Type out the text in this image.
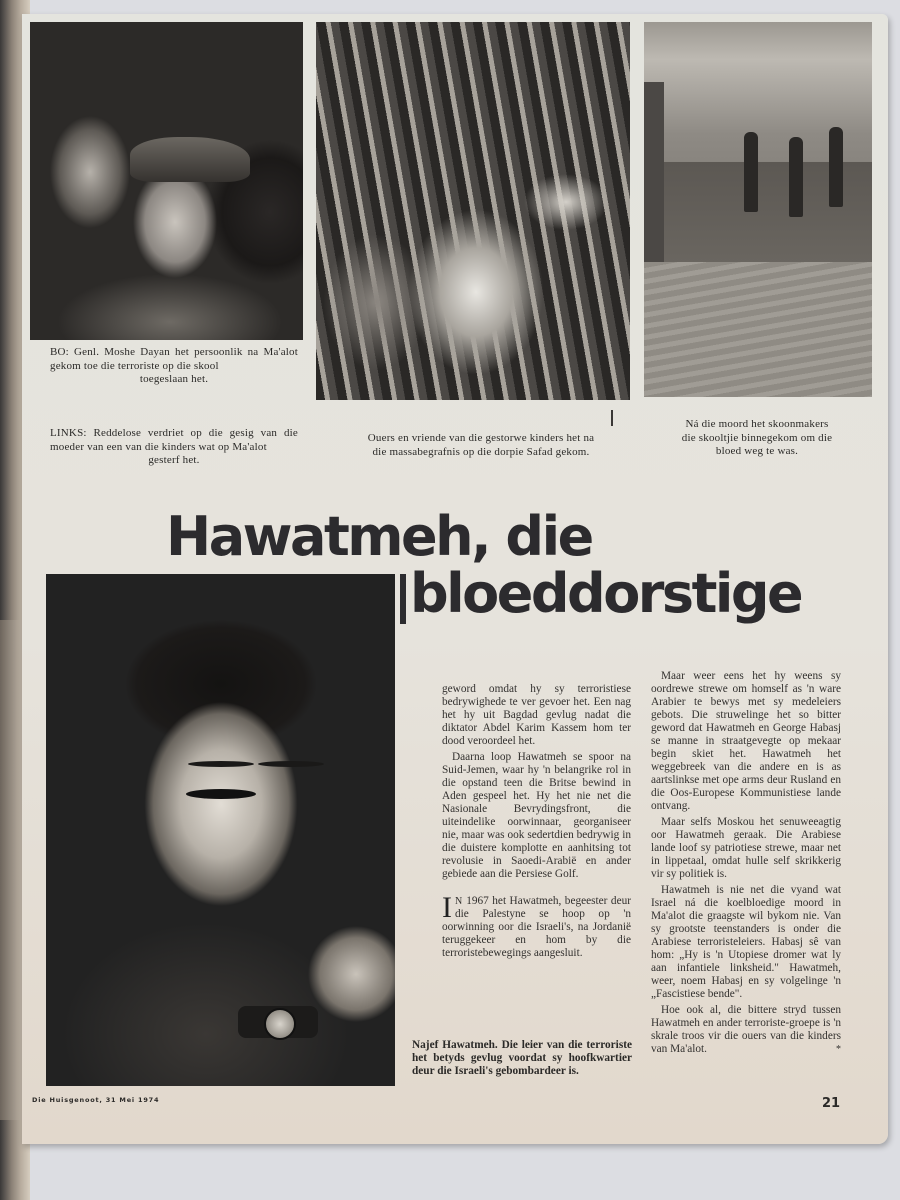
BO: Genl. Moshe Dayan het persoonlik na Ma'alot gekom toe die terroriste op die skool
toegeslaan het.
LINKS: Reddelose verdriet op die gesig van die moeder van een van die kinders wat op Ma'alot
gesterf het.
Ouers en vriende van die gestorwe kinders het na
die massabegrafnis op die dorpie Safad gekom.
Ná die moord het skoonmakers
die skooltjie binnegekom om die
bloed weg te was.
Hawatmeh, die
bloeddorstige

geword omdat hy sy terroristiese bedrywighede te ver gevoer het. Een nag het hy uit Bagdad gevlug nadat die diktator Abdel Karim Kassem hom ter dood veroordeel het.

Daarna loop Hawatmeh se spoor na Suid-Jemen, waar hy 'n belangrike rol in die opstand teen die Britse bewind in Aden gespeel het. Hy het nie net die Nasionale Bevrydingsfront, die uiteindelike oorwinnaar, georganiseer nie, maar was ook sedertdien bedrywig in die duistere komplotte en aanhitsing tot revolusie in Saoedi-Arabië en ander gebiede aan die Persiese Golf.

I N 1967 het Hawatmeh, begeester deur die Palestyne se hoop op 'n oorwinning oor die Israeli's, na Jordanië teruggekeer en hom by die terroristebewegings aangesluit.

Najef Hawatmeh. Die leier van die terroriste het betyds gevlug voordat sy hoofkwartier deur die Israeli's gebombardeer is.

Maar weer eens het hy weens sy oordrewe strewe om homself as 'n ware Arabier te bewys met sy medeleiers gebots. Die struwelinge het so bitter geword dat Hawatmeh en George Habasj se manne in straatgevegte op mekaar begin skiet het. Hawatmeh het weggebreek van die andere en is as aartslinkse met ope arms deur Rusland en die Oos-Europese Kommunistiese lande ontvang.

Maar selfs Moskou het senuweeagtig oor Hawatmeh geraak. Die Arabiese lande loof sy patriotiese strewe, maar net in lippetaal, omdat hulle self skrikkerig vir sy politiek is.

Hawatmeh is nie net die vyand wat Israel ná die koelbloedige moord in Ma'alot die graagste wil bykom nie. Van sy grootste teenstanders is onder die Arabiese terroristeleiers. Habasj sê van hom: „Hy is 'n Utopiese dromer wat ly aan infantiele linksheid." Hawatmeh, weer, noem Habasj en sy volgelinge 'n „Fascistiese bende".

Hoe ook al, die bittere stryd tussen Hawatmeh en ander terroriste-groepe is 'n skrale troos vir die ouers van die kinders van Ma'alot.	*

Die Huisgenoot, 31 Mei 1974	21
